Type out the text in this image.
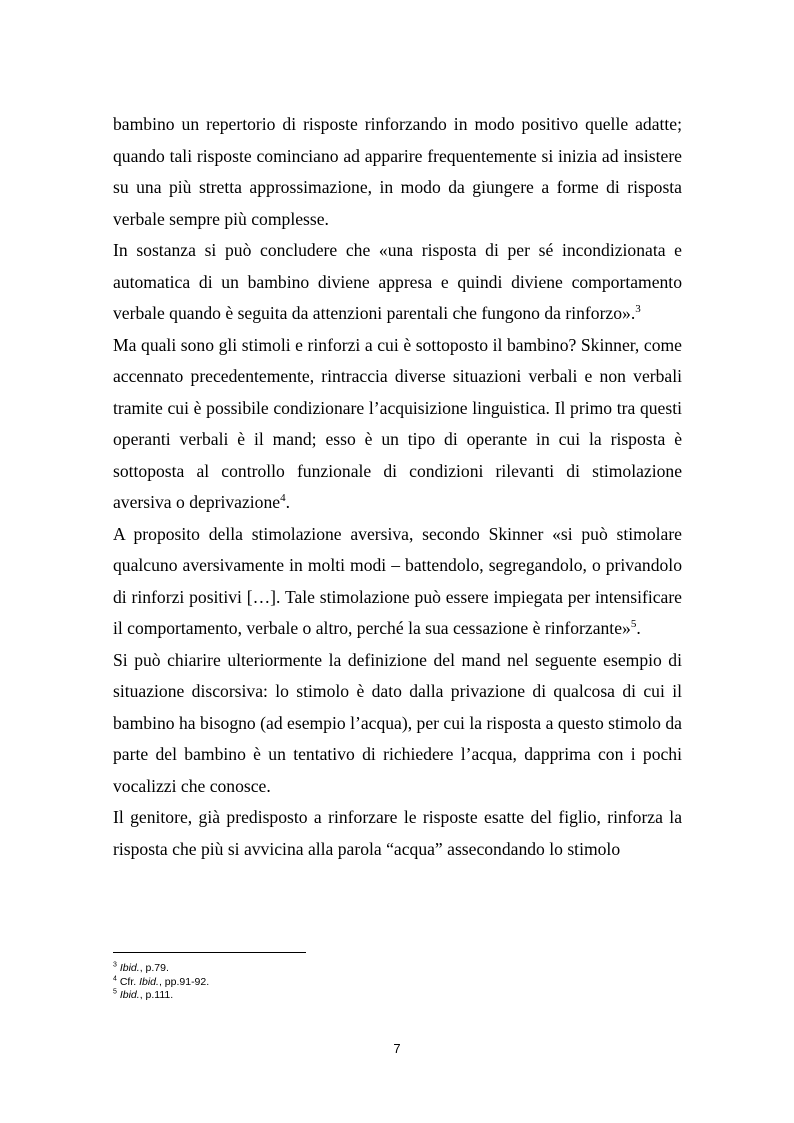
bambino un repertorio di risposte rinforzando in modo positivo quelle adatte; quando tali risposte cominciano ad apparire frequentemente si inizia ad insistere su una più stretta approssimazione, in modo da giungere a forme di risposta verbale sempre più complesse.

In sostanza si può concludere che «una risposta di per sé incondizionata e automatica di un bambino diviene appresa e quindi diviene comportamento verbale quando è seguita da attenzioni parentali che fungono da rinforzo».$^3$

Ma quali sono gli stimoli e rinforzi a cui è sottoposto il bambino? Skinner, come accennato precedentemente, rintraccia diverse situazioni verbali e non verbali tramite cui è possibile condizionare l’acquisizione linguistica. Il primo tra questi operanti verbali è il mand; esso è un tipo di operante in cui la risposta è sottoposta al controllo funzionale di condizioni rilevanti di stimolazione aversiva o deprivazione$^4$.

A proposito della stimolazione aversiva, secondo Skinner «si può stimolare qualcuno aversivamente in molti modi – battendolo, segregandolo, o privandolo di rinforzi positivi […]. Tale stimolazione può essere impiegata per intensificare il comportamento, verbale o altro, perché la sua cessazione è rinforzante»$^5$.

Si può chiarire ulteriormente la definizione del mand nel seguente esempio di situazione discorsiva: lo stimolo è dato dalla privazione di qualcosa di cui il bambino ha bisogno (ad esempio l’acqua), per cui la risposta a questo stimolo da parte del bambino è un tentativo di richiedere l’acqua, dapprima con i pochi vocalizzi che conosce.

Il genitore, già predisposto a rinforzare le risposte esatte del figlio, rinforza la risposta che più si avvicina alla parola “acqua” assecondando lo stimolo

$^3$ Ibid., p.79.
$^4$ Cfr. Ibid., pp.91-92.
$^5$ Ibid., p.111.
7
